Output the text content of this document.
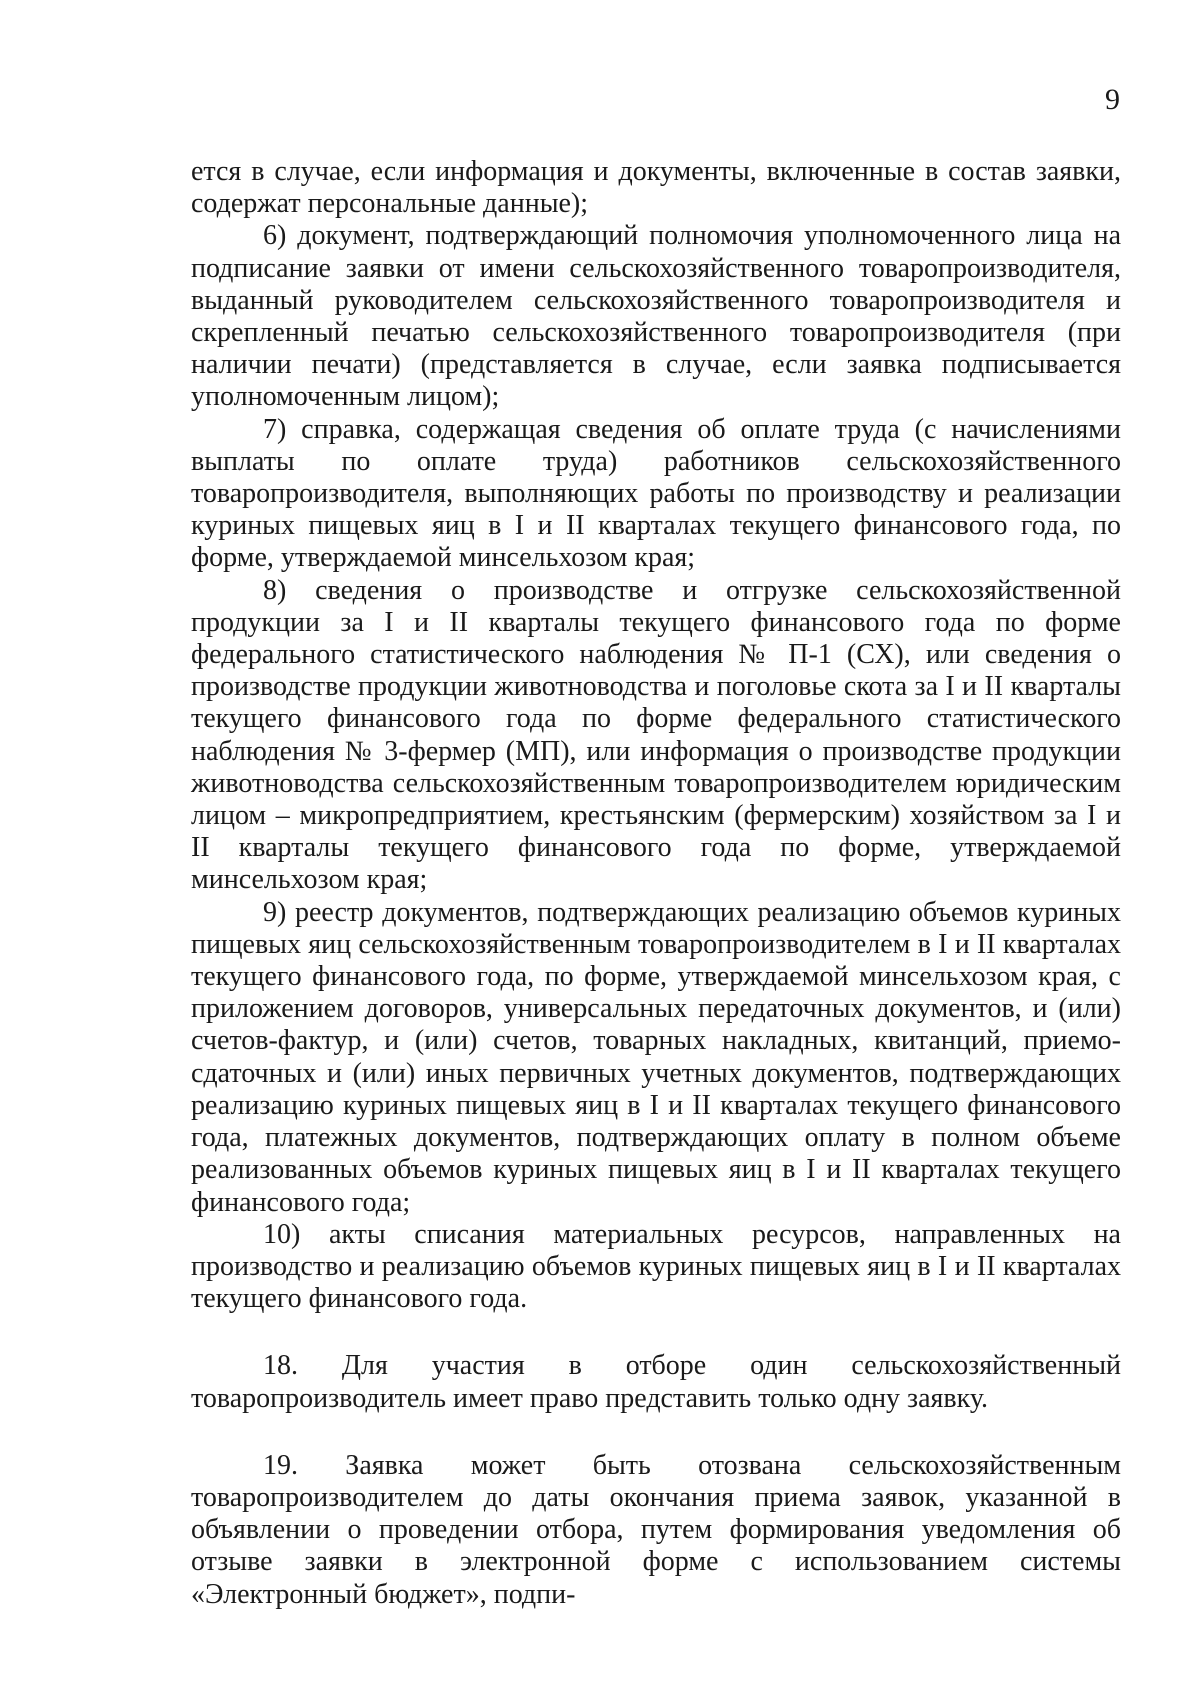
9

ется в случае, если информация и документы, включенные в состав заявки, содержат персональные данные);

6) документ, подтверждающий полномочия уполномоченного лица на подписание заявки от имени сельскохозяйственного товаропроизводителя, выданный руководителем сельскохозяйственного товаропроизводителя и скрепленный печатью сельскохозяйственного товаропроизводителя (при наличии печати) (представляется в случае, если заявка подписывается уполномоченным лицом);

7) справка, содержащая сведения об оплате труда (с начислениями выплаты по оплате труда) работников сельскохозяйственного товаропроизводителя, выполняющих работы по производству и реализации куриных пищевых яиц в I и II кварталах текущего финансового года, по форме, утверждаемой минсельхозом края;

8) сведения о производстве и отгрузке сельскохозяйственной продукции за I и II кварталы текущего финансового года по форме федерального статистического наблюдения № П-1 (СХ), или сведения о производстве продукции животноводства и поголовье скота за I и II кварталы текущего финансового года по форме федерального статистического наблюдения № 3-фермер (МП), или информация о производстве продукции животноводства сельскохозяйственным товаропроизводителем юридическим лицом – микропредприятием, крестьянским (фермерским) хозяйством за I и II кварталы текущего финансового года по форме, утверждаемой минсельхозом края;

9) реестр документов, подтверждающих реализацию объемов куриных пищевых яиц сельскохозяйственным товаропроизводителем в I и II кварталах текущего финансового года, по форме, утверждаемой минсельхозом края, с приложением договоров, универсальных передаточных документов, и (или) счетов-фактур, и (или) счетов, товарных накладных, квитанций, приемо-сдаточных и (или) иных первичных учетных документов, подтверждающих реализацию куриных пищевых яиц в I и II кварталах текущего финансового года, платежных документов, подтверждающих оплату в полном объеме реализованных объемов куриных пищевых яиц в I и II кварталах текущего финансового года;

10) акты списания материальных ресурсов, направленных на производство и реализацию объемов куриных пищевых яиц в I и II кварталах текущего финансового года.

18. Для участия в отборе один сельскохозяйственный товаропроизводитель имеет право представить только одну заявку.

19. Заявка может быть отозвана сельскохозяйственным товаропроизводителем до даты окончания приема заявок, указанной в объявлении о проведении отбора, путем формирования уведомления об отзыве заявки в электронной форме с использованием системы «Электронный бюджет», подпи-
